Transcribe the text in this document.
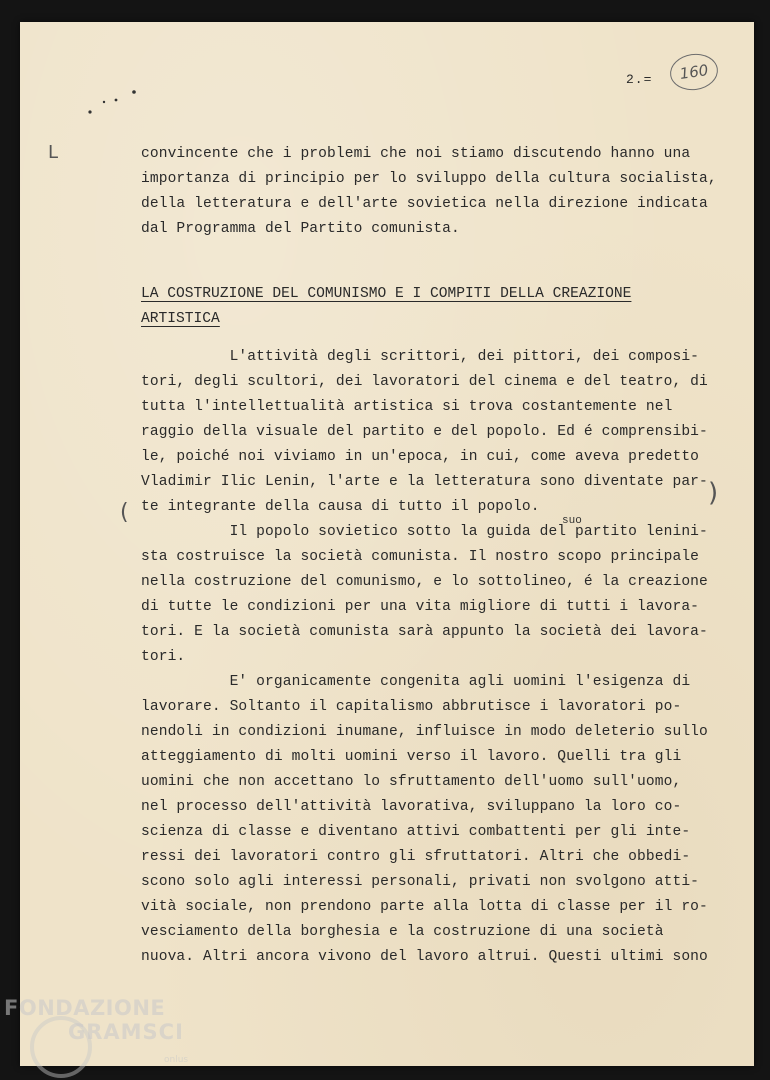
2.=	160
ᒪ
(
)

convincente che i problemi che noi stiamo discutendo hanno una
importanza di principio per lo sviluppo della cultura socialista,
della letteratura e dell'arte sovietica nella direzione indicata
dal Programma del Partito comunista.

LA COSTRUZIONE DEL COMUNISMO E I COMPITI DELLA CREAZIONE
ARTISTICA

L'attività degli scrittori, dei pittori, dei composi-
tori, degli scultori, dei lavoratori del cinema e del teatro, di
tutta l'intellettualità artistica si trova costantemente nel
raggio della visuale del partito e del popolo. Ed é comprensibi-
le, poiché noi viviamo in un'epoca, in cui, come aveva predetto
Vladimir Ilic Lenin, l'arte e la letteratura sono diventate par-
te integrante della causa di tutto il popolo.
Il popolo sovietico sotto la guida del partito lenini-
sta costruisce la società comunista. Il nostro scopo principale
nella costruzione del comunismo, e lo sottolineo, é la creazione
di tutte le condizioni per una vita migliore di tutti i lavora-
tori. E la società comunista sarà appunto la società dei lavora-
tori.
E' organicamente congenita agli uomini l'esigenza di
lavorare. Soltanto il capitalismo abbrutisce i lavoratori po-
nendoli in condizioni inumane, influisce in modo deleterio sullo
atteggiamento di molti uomini verso il lavoro. Quelli tra gli
uomini che non accettano lo sfruttamento dell'uomo sull'uomo,
nel processo dell'attività lavorativa, sviluppano la loro co-
scienza di classe e diventano attivi combattenti per gli inte-
ressi dei lavoratori contro gli sfruttatori. Altri che obbedi-
scono solo agli interessi personali, privati non svolgono atti-
vità sociale, non prendono parte alla lotta di classe per il ro-
vesciamento della borghesia e la costruzione di una società
nuova. Altri ancora vivono del lavoro altrui. Questi ultimi sono

suo
FONDAZIONE
GRAMSCI
onlus
